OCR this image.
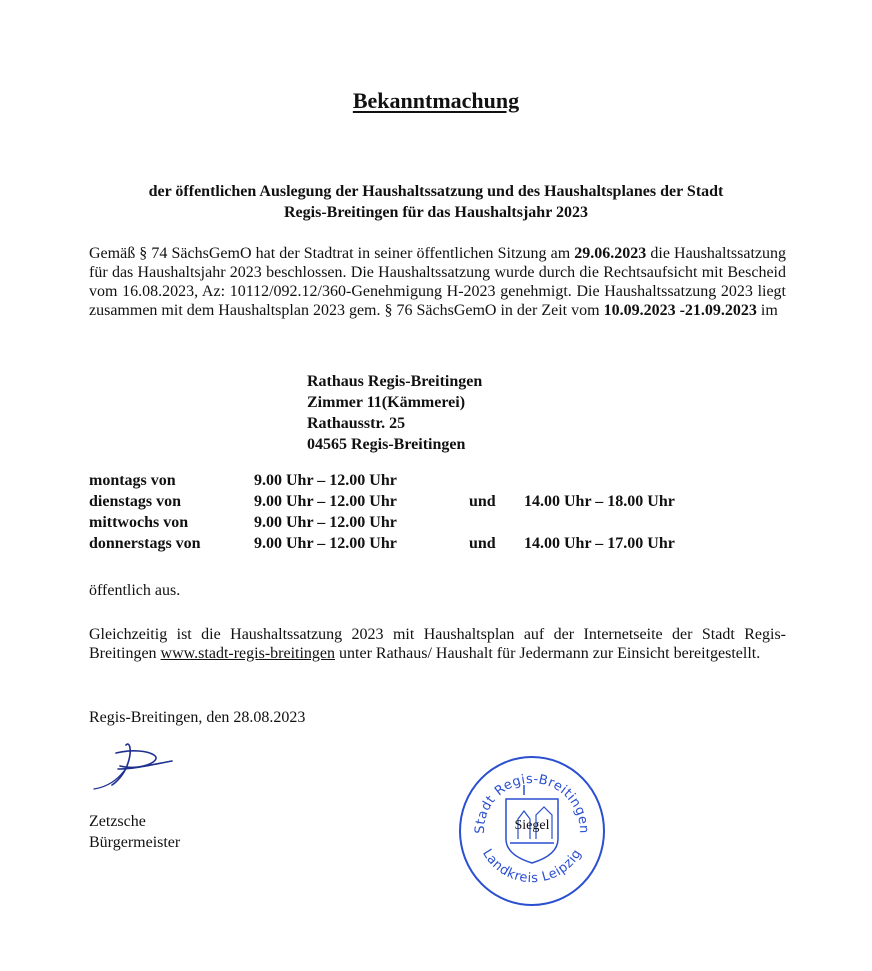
Bekanntmachung
der öffentlichen Auslegung der Haushaltssatzung und des Haushaltsplanes der Stadt
Regis-Breitingen für das Haushaltsjahr 2023
Gemäß § 74 SächsGemO hat der Stadtrat in seiner öffentlichen Sitzung am 29.06.2023 die Haushaltssatzung für das Haushaltsjahr 2023 beschlossen. Die Haushaltssatzung wurde durch die Rechtsaufsicht mit Bescheid vom 16.08.2023, Az: 10112/092.12/360-Genehmigung H-2023 genehmigt. Die Haushaltssatzung 2023 liegt zusammen mit dem Haushaltsplan 2023 gem. § 76 SächsGemO in der Zeit vom 10.09.2023 -21.09.2023 im
Rathaus Regis-Breitingen
Zimmer 11(Kämmerei)
Rathausstr. 25
04565 Regis-Breitingen
montags von	9.00 Uhr – 12.00 Uhr		
dienstags von	9.00 Uhr – 12.00 Uhr	und	14.00 Uhr – 18.00 Uhr
mittwochs von	9.00 Uhr – 12.00 Uhr		
donnerstags von	9.00 Uhr – 12.00 Uhr	und	14.00 Uhr – 17.00 Uhr
öffentlich aus.
Gleichzeitig ist die Haushaltssatzung 2023 mit Haushaltsplan auf der Internetseite der Stadt Regis-Breitingen www.stadt-regis-breitingen unter Rathaus/ Haushalt für Jedermann zur Einsicht bereitgestellt.
Regis-Breitingen, den 28.08.2023
Zetzsche
Bürgermeister
Stadt Regis-Breitingen
Landkreis Leipzig
Siegel
